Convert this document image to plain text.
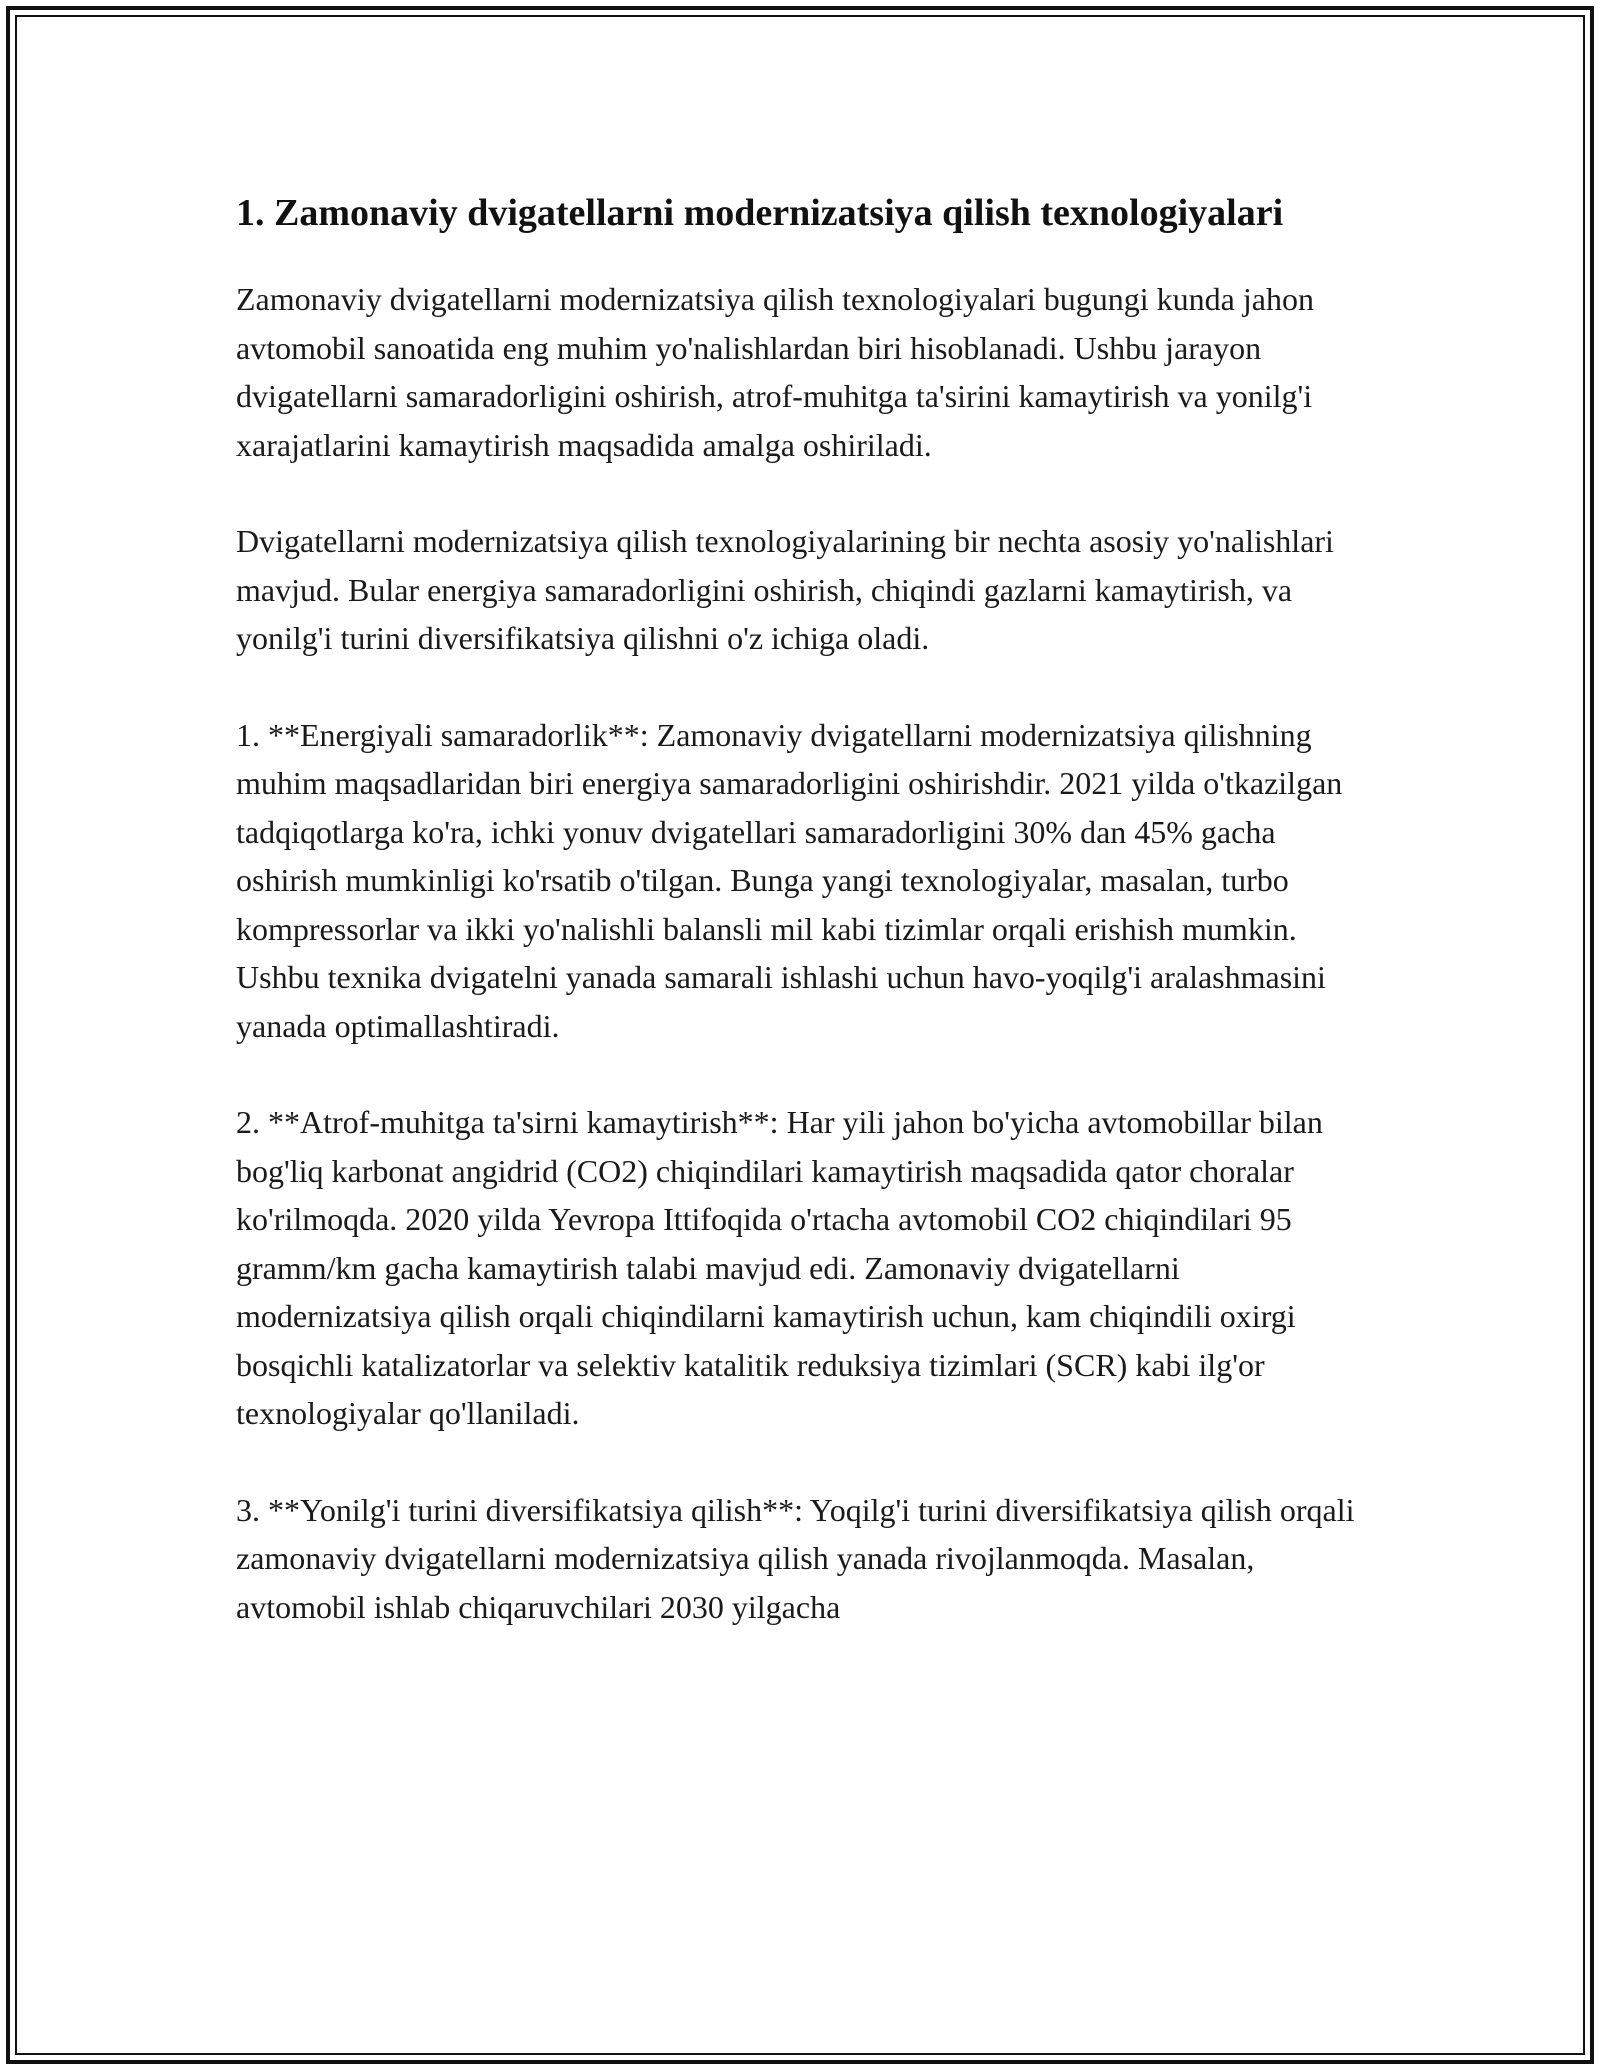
1. Zamonaviy dvigatellarni modernizatsiya qilish texnologiyalari

Zamonaviy dvigatellarni modernizatsiya qilish texnologiyalari bugungi kunda jahon avtomobil sanoatida eng muhim yo'nalishlardan biri hisoblanadi. Ushbu jarayon dvigatellarni samaradorligini oshirish, atrof-muhitga ta'sirini kamaytirish va yonilg'i xarajatlarini kamaytirish maqsadida amalga oshiriladi.

Dvigatellarni modernizatsiya qilish texnologiyalarining bir nechta asosiy yo'nalishlari mavjud. Bular energiya samaradorligini oshirish, chiqindi gazlarni kamaytirish, va yonilg'i turini diversifikatsiya qilishni o'z ichiga oladi.

1. **Energiyali samaradorlik**: Zamonaviy dvigatellarni modernizatsiya qilishning muhim maqsadlaridan biri energiya samaradorligini oshirishdir. 2021 yilda o'tkazilgan tadqiqotlarga ko'ra, ichki yonuv dvigatellari samaradorligini 30% dan 45% gacha oshirish mumkinligi ko'rsatib o'tilgan. Bunga yangi texnologiyalar, masalan, turbo kompressorlar va ikki yo'nalishli balansli mil kabi tizimlar orqali erishish mumkin. Ushbu texnika dvigatelni yanada samarali ishlashi uchun havo-yoqilg'i aralashmasini yanada optimallashtiradi.

2. **Atrof-muhitga ta'sirni kamaytirish**: Har yili jahon bo'yicha avtomobillar bilan bog'liq karbonat angidrid (CO2) chiqindilari kamaytirish maqsadida qator choralar ko'rilmoqda. 2020 yilda Yevropa Ittifoqida o'rtacha avtomobil CO2 chiqindilari 95 gramm/km gacha kamaytirish talabi mavjud edi. Zamonaviy dvigatellarni modernizatsiya qilish orqali chiqindilarni kamaytirish uchun, kam chiqindili oxirgi bosqichli katalizatorlar va selektiv katalitik reduksiya tizimlari (SCR) kabi ilg'or texnologiyalar qo'llaniladi.

3. **Yonilg'i turini diversifikatsiya qilish**: Yoqilg'i turini diversifikatsiya qilish orqali zamonaviy dvigatellarni modernizatsiya qilish yanada rivojlanmoqda. Masalan, avtomobil ishlab chiqaruvchilari 2030 yilgacha
